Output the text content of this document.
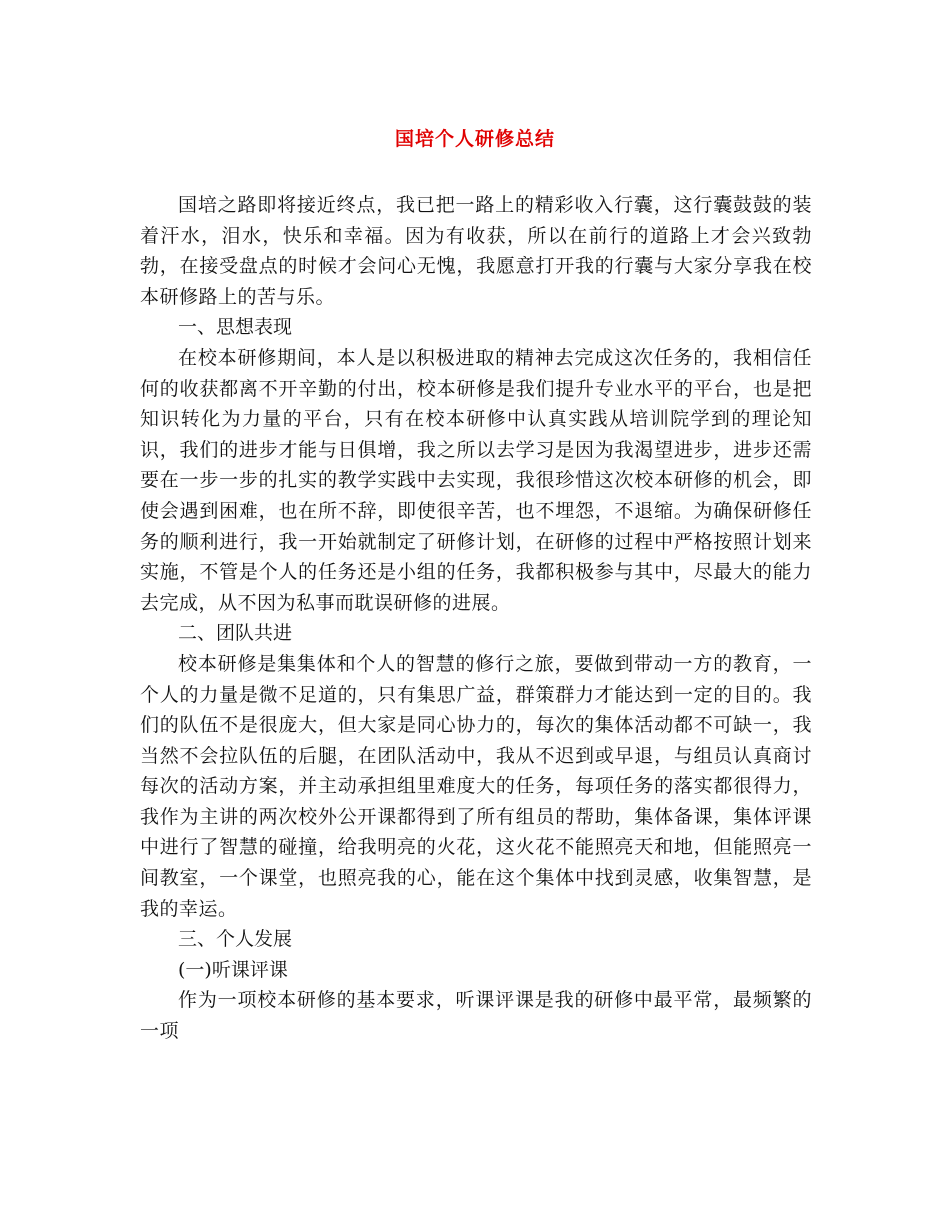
国培个人研修总结

国培之路即将接近终点，我已把一路上的精彩收入行囊，这行囊鼓鼓的装着汗水，泪水，快乐和幸福。因为有收获，所以在前行的道路上才会兴致勃勃，在接受盘点的时候才会问心无愧，我愿意打开我的行囊与大家分享我在校本研修路上的苦与乐。

一、思想表现

在校本研修期间，本人是以积极进取的精神去完成这次任务的，我相信任何的收获都离不开辛勤的付出，校本研修是我们提升专业水平的平台，也是把知识转化为力量的平台，只有在校本研修中认真实践从培训院学到的理论知识，我们的进步才能与日俱增，我之所以去学习是因为我渴望进步，进步还需要在一步一步的扎实的教学实践中去实现，我很珍惜这次校本研修的机会，即使会遇到困难，也在所不辞，即使很辛苦，也不埋怨，不退缩。为确保研修任务的顺利进行，我一开始就制定了研修计划，在研修的过程中严格按照计划来实施，不管是个人的任务还是小组的任务，我都积极参与其中，尽最大的能力去完成，从不因为私事而耽误研修的进展。

二、团队共进

校本研修是集集体和个人的智慧的修行之旅，要做到带动一方的教育，一个人的力量是微不足道的，只有集思广益，群策群力才能达到一定的目的。我们的队伍不是很庞大，但大家是同心协力的，每次的集体活动都不可缺一，我当然不会拉队伍的后腿，在团队活动中，我从不迟到或早退，与组员认真商讨每次的活动方案，并主动承担组里难度大的任务，每项任务的落实都很得力，我作为主讲的两次校外公开课都得到了所有组员的帮助，集体备课，集体评课中进行了智慧的碰撞，给我明亮的火花，这火花不能照亮天和地，但能照亮一间教室，一个课堂，也照亮我的心，能在这个集体中找到灵感，收集智慧，是我的幸运。

三、个人发展

(一)听课评课

作为一项校本研修的基本要求，听课评课是我的研修中最平常，最频繁的一项
